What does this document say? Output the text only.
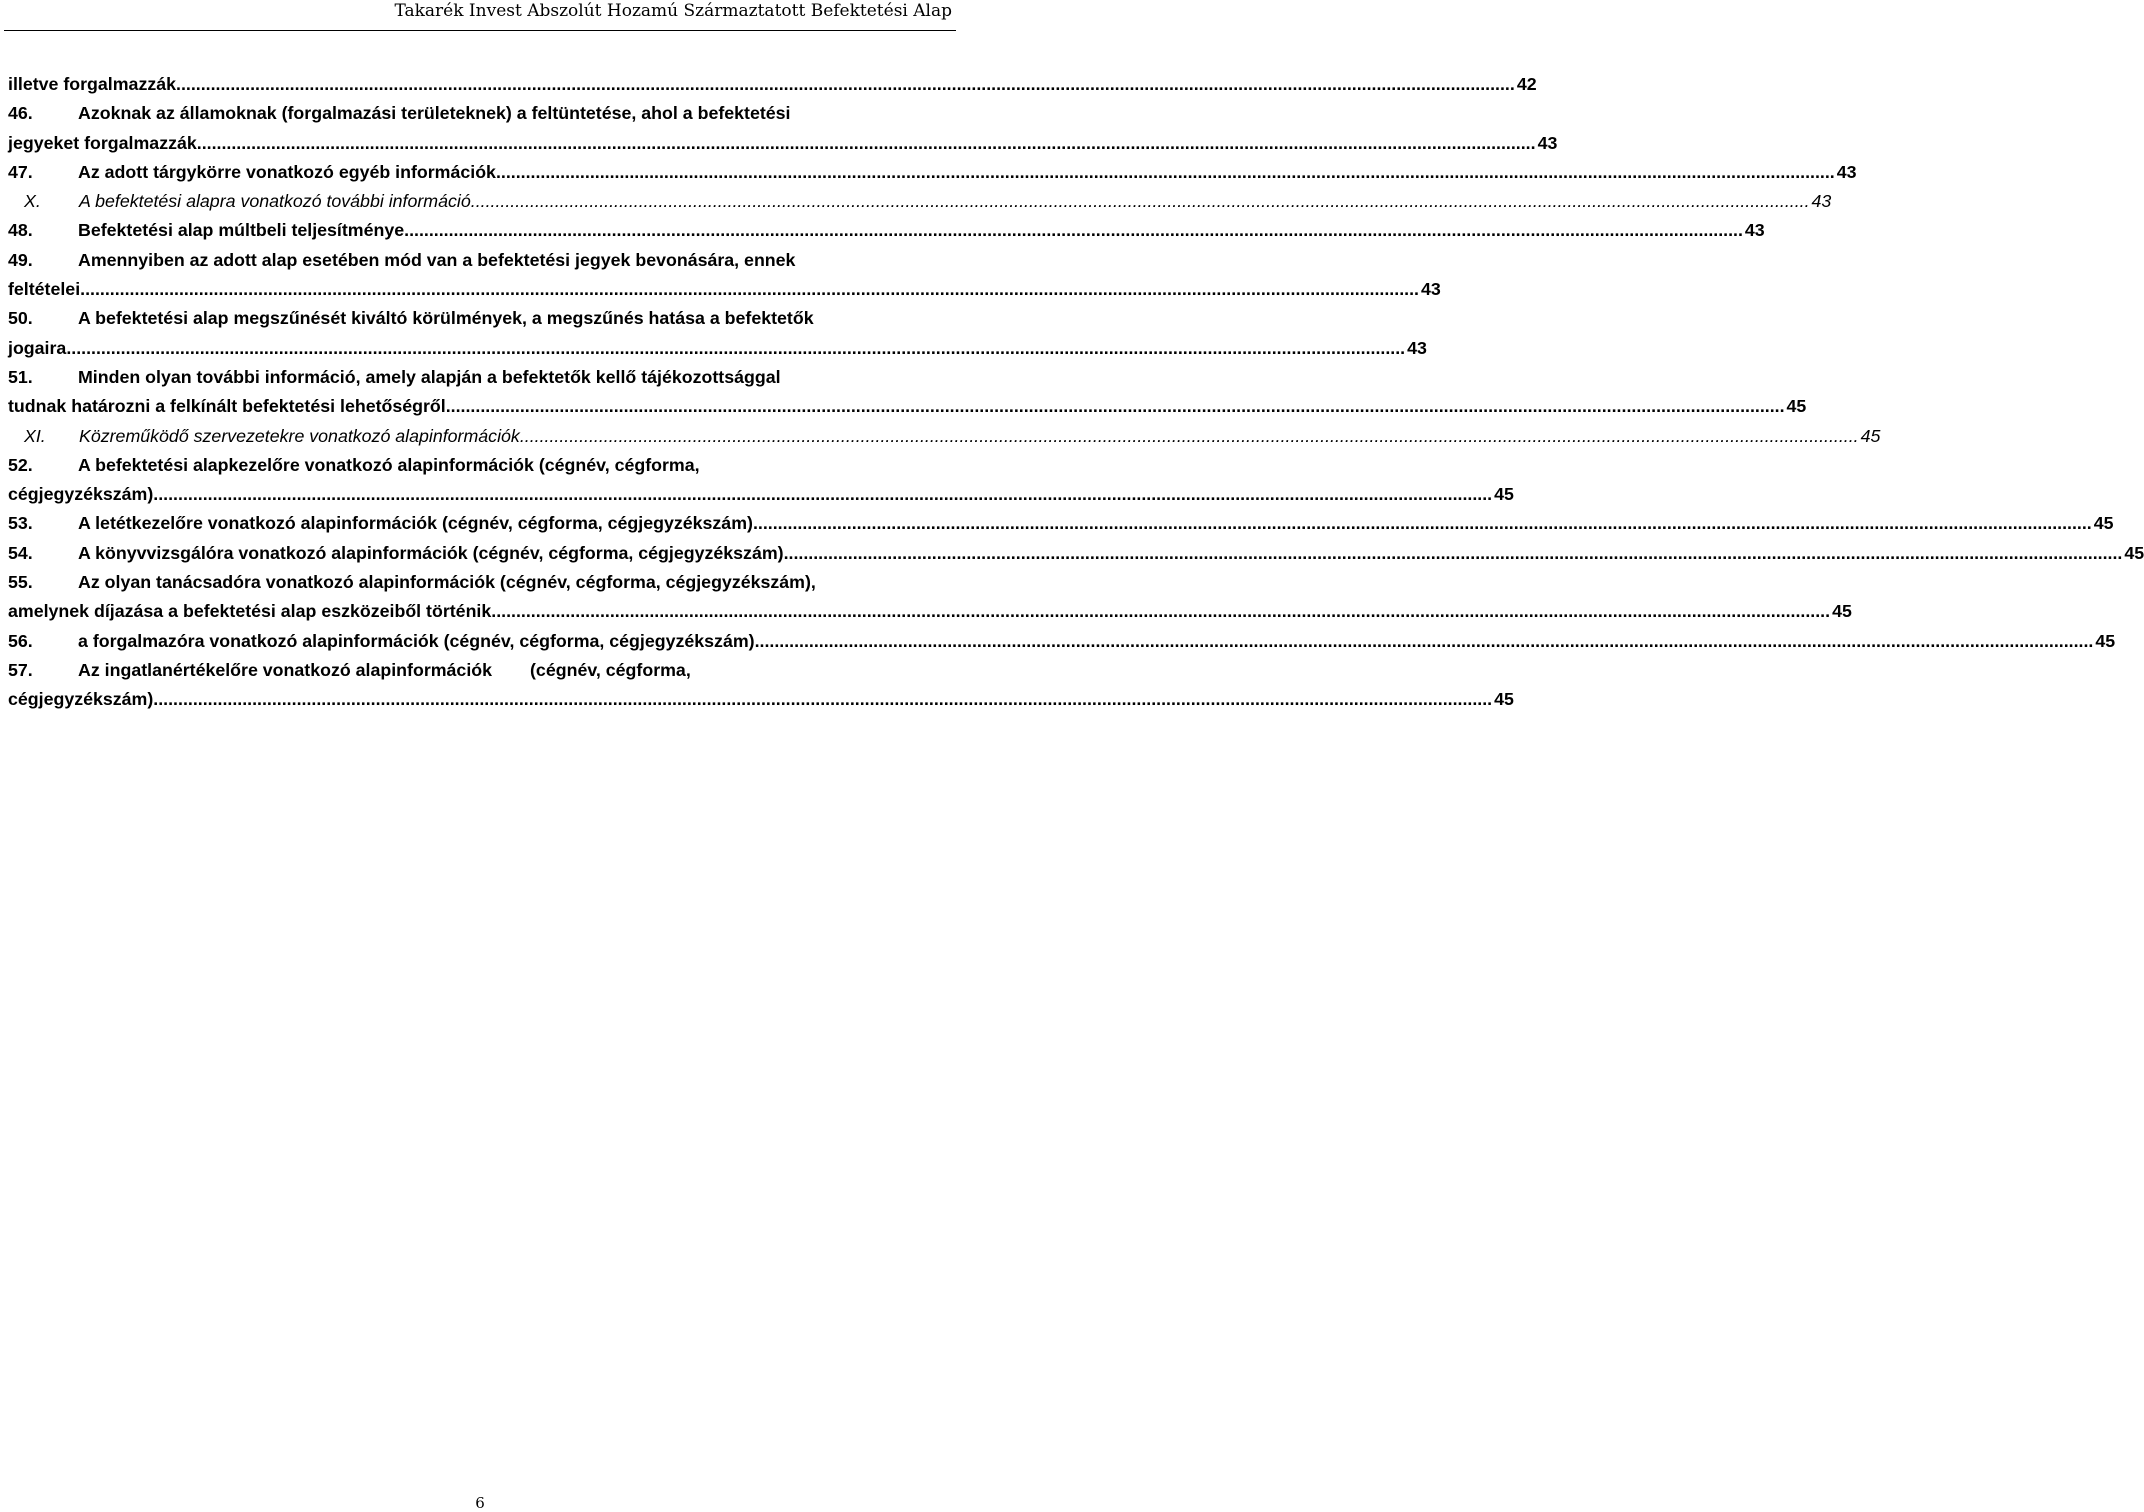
Takarék Invest Abszolút Hozamú Származtatott Befektetési Alap
illetve forgalmazzák ............................................................................................................................................................................................................................................................................... 42
46.	Azoknak az államoknak (forgalmazási területeknek) a feltüntetése, ahol a befektetési
jegyeket forgalmazzák ............................................................................................................................................................................................................................................................................... 43
47.	Az adott tárgykörre vonatkozó egyéb információk ............................................................................................................................................................................................................................................................................... 43
X. A befektetési alapra vonatkozó további információ ............................................................................................................................................................................................................................................................................... 43
48.	Befektetési alap múltbeli teljesítménye ............................................................................................................................................................................................................................................................................... 43
49.	Amennyiben az adott alap esetében mód van a befektetési jegyek bevonására, ennek
feltételei ............................................................................................................................................................................................................................................................................... 43
50.	A befektetési alap megszűnését kiváltó körülmények, a megszűnés hatása a befektetők
jogaira ............................................................................................................................................................................................................................................................................... 43
51.	Minden olyan további információ, amely alapján a befektetők kellő tájékozottsággal
tudnak határozni a felkínált befektetési lehetőségről ............................................................................................................................................................................................................................................................................... 45
XI. Közreműködő szervezetekre vonatkozó alapinformációk ............................................................................................................................................................................................................................................................................... 45
52.	A befektetési alapkezelőre vonatkozó alapinformációk (cégnév, cégforma,
cégjegyzékszám) ............................................................................................................................................................................................................................................................................... 45
53.	A letétkezelőre vonatkozó alapinformációk (cégnév, cégforma, cégjegyzékszám) ............................................................................................................................................................................................................................................................................... 45
54.	A könyvvizsgálóra vonatkozó alapinformációk (cégnév, cégforma, cégjegyzékszám) ............................................................................................................................................................................................................................................................................... 45
55.	Az olyan tanácsadóra vonatkozó alapinformációk (cégnév, cégforma, cégjegyzékszám),
amelynek díjazása a befektetési alap eszközeiből történik ............................................................................................................................................................................................................................................................................... 45
56.	a forgalmazóra vonatkozó alapinformációk (cégnév, cégforma, cégjegyzékszám) ............................................................................................................................................................................................................................................................................... 45
57.	Az ingatlanértékelőre vonatkozó alapinformációk (cégnév, cégforma,
cégjegyzékszám) ............................................................................................................................................................................................................................................................................... 45
6
